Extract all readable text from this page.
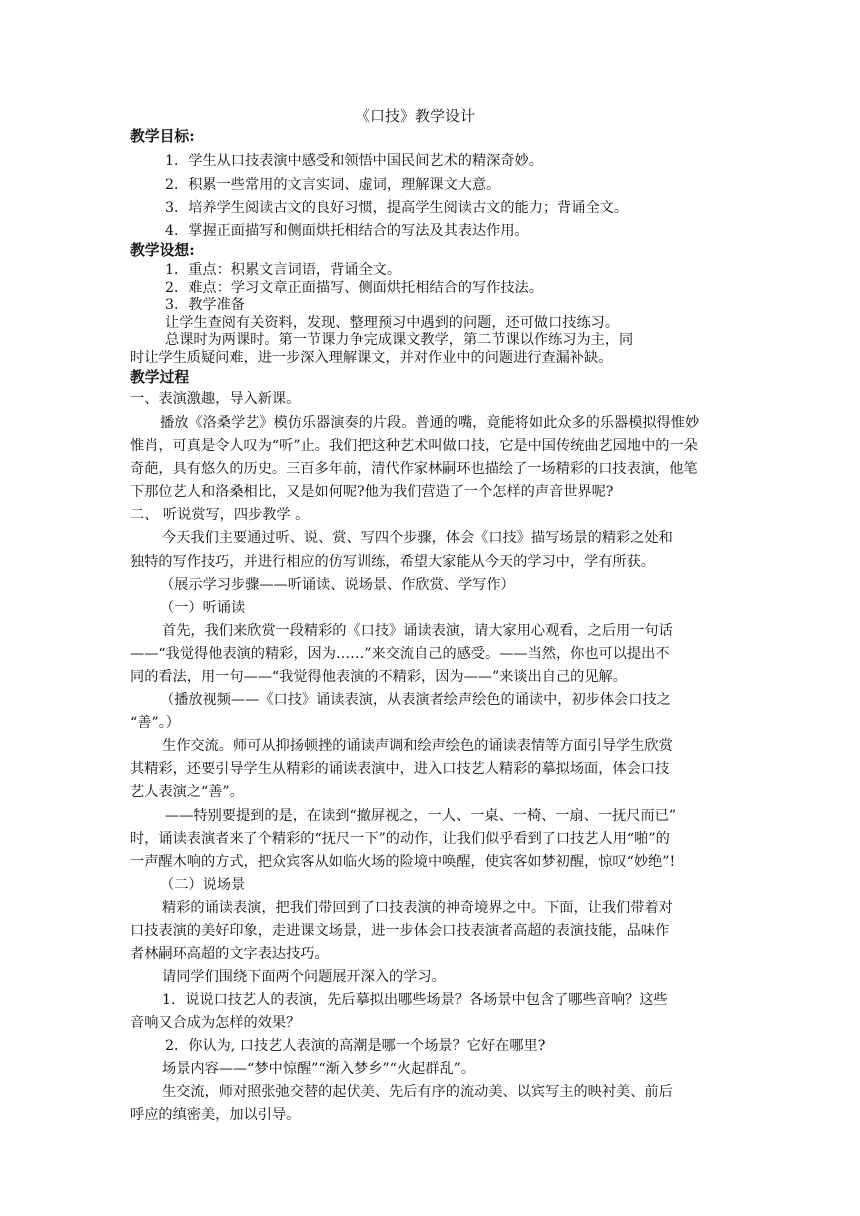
《口技》教学设计
教学目标:
1．学生从口技表演中感受和领悟中国民间艺术的精深奇妙。
2．积累一些常用的文言实词、虚词，理解课文大意。
3．培养学生阅读古文的良好习惯，提高学生阅读古文的能力；背诵全文。
4．掌握正面描写和侧面烘托相结合的写法及其表达作用。
教学设想:
1．重点：积累文言词语，背诵全文。
2．难点：学习文章正面描写、侧面烘托相结合的写作技法。
3．教学准备
让学生查阅有关资料，发现、整理预习中遇到的问题，还可做口技练习。
总课时为两课时。第一节课力争完成课文教学，第二节课以作练习为主，同
时让学生质疑问难，进一步深入理解课文，并对作业中的问题进行查漏补缺。
教学过程
一、表演激趣，导入新课。
播放《洛桑学艺》模仿乐器演奏的片段。普通的嘴，竟能将如此众多的乐器模拟得惟妙
惟肖，可真是令人叹为“听”止。我们把这种艺术叫做口技，它是中国传统曲艺园地中的一朵
奇葩，具有悠久的历史。三百多年前，清代作家林嗣环也描绘了一场精彩的口技表演，他笔
下那位艺人和洛桑相比，又是如何呢?他为我们营造了一个怎样的声音世界呢?
二、 听说赏写，四步教学 。
今天我们主要通过听、说、赏、写四个步骤，体会《口技》描写场景的精彩之处和
独特的写作技巧，并进行相应的仿写训练，希望大家能从今天的学习中，学有所获。
（展示学习步骤——听诵读、说场景、作欣赏、学写作）
（一）听诵读
首先，我们来欣赏一段精彩的《口技》诵读表演，请大家用心观看，之后用一句话
——“我觉得他表演的精彩，因为……”来交流自己的感受。——当然，你也可以提出不
同的看法，用一句——“我觉得他表演的不精彩，因为——”来谈出自己的见解。
（播放视频——《口技》诵读表演，从表演者绘声绘色的诵读中，初步体会口技之
“善”。）
生作交流。师可从抑扬顿挫的诵读声调和绘声绘色的诵读表情等方面引导学生欣赏
其精彩，还要引导学生从精彩的诵读表演中，进入口技艺人精彩的摹拟场面，体会口技
艺人表演之“善”。
——特别要提到的是，在读到“撤屏视之，一人、一桌、一椅、一扇、一抚尺而已”
时，诵读表演者来了个精彩的“抚尺一下”的动作，让我们似乎看到了口技艺人用“啪”的
一声醒木响的方式，把众宾客从如临火场的险境中唤醒，使宾客如梦初醒，惊叹“妙绝”!
（二）说场景
精彩的诵读表演，把我们带回到了口技表演的神奇境界之中。下面，让我们带着对
口技表演的美好印象，走进课文场景，进一步体会口技表演者高超的表演技能，品味作
者林嗣环高超的文字表达技巧。
请同学们围绕下面两个问题展开深入的学习。
1．说说口技艺人的表演，先后摹拟出哪些场景？各场景中包含了哪些音响？这些
音响又合成为怎样的效果？
2．你认为, 口技艺人表演的高潮是哪一个场景？它好在哪里?
场景内容——“梦中惊醒”“渐入梦乡”“火起群乱”。
生交流，师对照张弛交替的起伏美、先后有序的流动美、以宾写主的映衬美、前后
呼应的缜密美，加以引导。
